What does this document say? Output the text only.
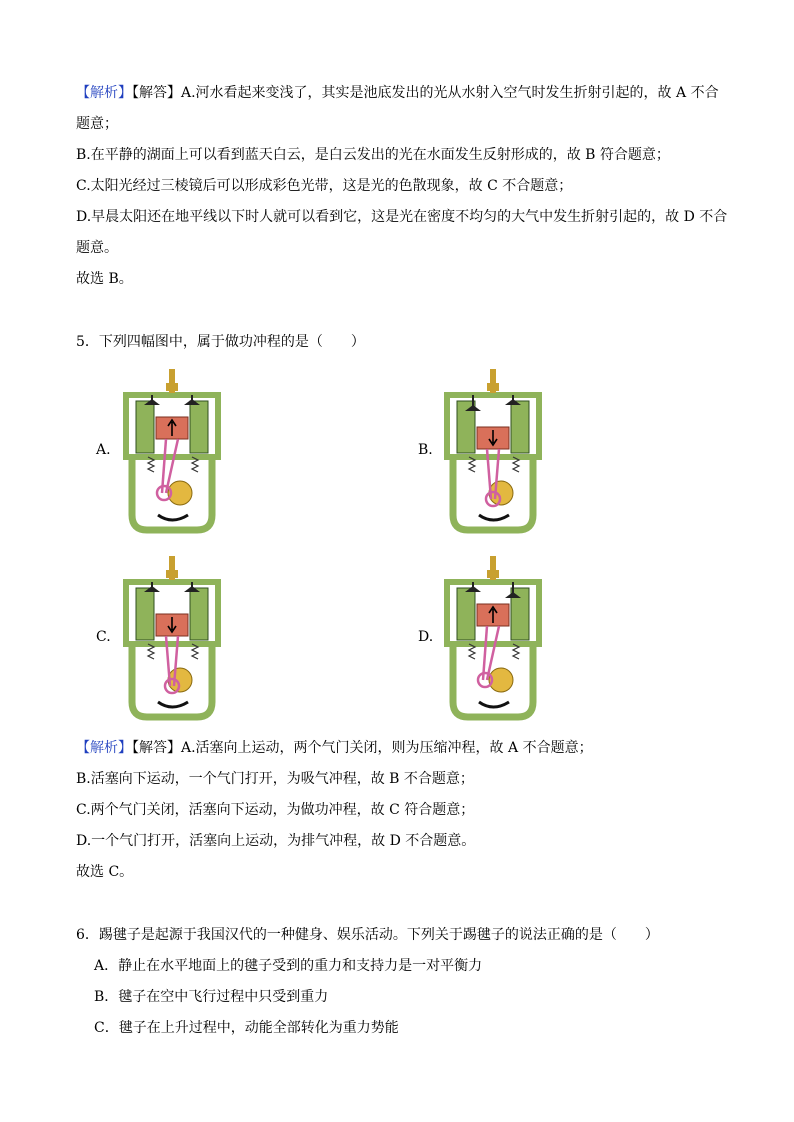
【解析】【解答】A.河水看起来变浅了，其实是池底发出的光从水射入空气时发生折射引起的，故 A 不合
题意；
B.在平静的湖面上可以看到蓝天白云，是白云发出的光在水面发生反射形成的，故 B 符合题意；
C.太阳光经过三棱镜后可以形成彩色光带，这是光的色散现象，故 C 不合题意；
D.早晨太阳还在地平线以下时人就可以看到它，这是光在密度不均匀的大气中发生折射引起的，故 D 不合
题意。
故选 B。
5．下列四幅图中，属于做功冲程的是（　　）
A.	B.
C.	D.
【解析】【解答】A.活塞向上运动，两个气门关闭，则为压缩冲程，故 A 不合题意；
B.活塞向下运动，一个气门打开，为吸气冲程，故 B 不合题意；
C.两个气门关闭，活塞向下运动，为做功冲程，故 C 符合题意；
D.一个气门打开，活塞向上运动，为排气冲程，故 D 不合题意。
故选 C。
6．踢毽子是起源于我国汉代的一种健身、娱乐活动。下列关于踢毽子的说法正确的是（　　）
A．静止在水平地面上的毽子受到的重力和支持力是一对平衡力
B．毽子在空中飞行过程中只受到重力
C．毽子在上升过程中，动能全部转化为重力势能
